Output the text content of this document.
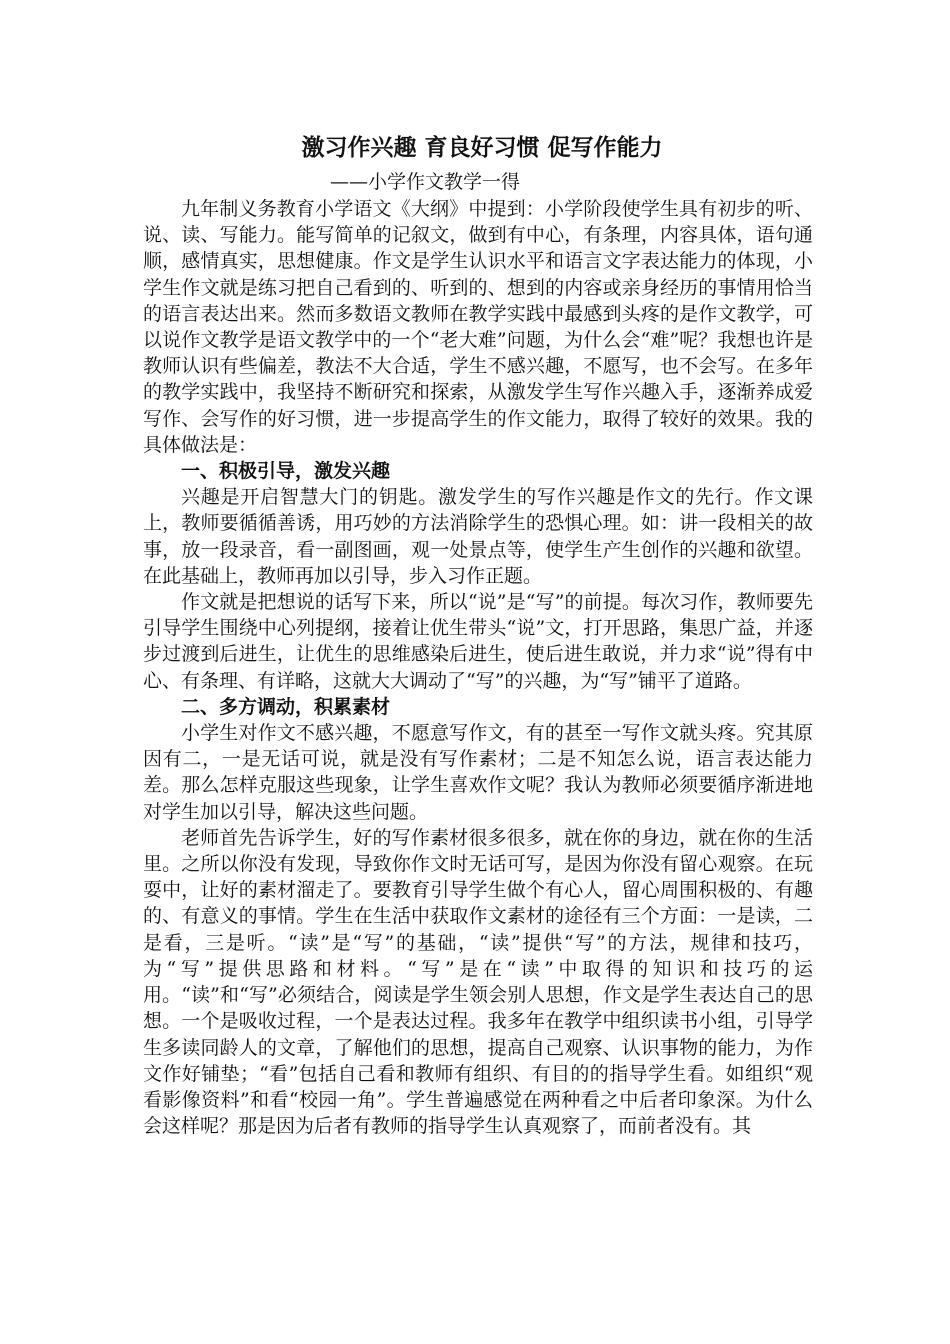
激习作兴趣 育良好习惯 促写作能力

——小学作文教学一得

九年制义务教育小学语文《大纲》中提到：小学阶段使学生具有初步的听、说、读、写能力。能写简单的记叙文，做到有中心，有条理，内容具体，语句通顺，感情真实，思想健康。作文是学生认识水平和语言文字表达能力的体现，小学生作文就是练习把自己看到的、听到的、想到的内容或亲身经历的事情用恰当的语言表达出来。然而多数语文教师在教学实践中最感到头疼的是作文教学，可以说作文教学是语文教学中的一个“老大难”问题，为什么会“难”呢？我想也许是教师认识有些偏差，教法不大合适，学生不感兴趣，不愿写，也不会写。在多年的教学实践中，我坚持不断研究和探索，从激发学生写作兴趣入手，逐渐养成爱写作、会写作的好习惯，进一步提高学生的作文能力，取得了较好的效果。我的具体做法是：

一、积极引导，激发兴趣

兴趣是开启智慧大门的钥匙。激发学生的写作兴趣是作文的先行。作文课上，教师要循循善诱，用巧妙的方法消除学生的恐惧心理。如：讲一段相关的故事，放一段录音，看一副图画，观一处景点等，使学生产生创作的兴趣和欲望。在此基础上，教师再加以引导，步入习作正题。

作文就是把想说的话写下来，所以“说”是“写”的前提。每次习作，教师要先引导学生围绕中心列提纲，接着让优生带头“说”文，打开思路，集思广益，并逐步过渡到后进生，让优生的思维感染后进生，使后进生敢说，并力求“说”得有中心、有条理、有详略，这就大大调动了“写”的兴趣，为“写”铺平了道路。

二、多方调动，积累素材

小学生对作文不感兴趣，不愿意写作文，有的甚至一写作文就头疼。究其原因有二，一是无话可说，就是没有写作素材；二是不知怎么说，语言表达能力差。那么怎样克服这些现象，让学生喜欢作文呢？我认为教师必须要循序渐进地对学生加以引导，解决这些问题。

老师首先告诉学生，好的写作素材很多很多，就在你的身边，就在你的生活里。之所以你没有发现，导致你作文时无话可写，是因为你没有留心观察。在玩耍中，让好的素材溜走了。要教育引导学生做个有心人，留心周围积极的、有趣的、有意义的事情。学生在生活中获取作文素材的途径有三个方面：一是读，二是看，三是听。“读”是“写”的基础，“读”提供“写”的方法，规律和技巧，为“写”提供思路和材料。“写”是在“读”中取得的知识和技巧的运用。“读”和“写”必须结合，阅读是学生领会别人思想，作文是学生表达自己的思想。一个是吸收过程，一个是表达过程。我多年在教学中组织读书小组，引导学生多读同龄人的文章，了解他们的思想，提高自己观察、认识事物的能力，为作文作好铺垫；“看”包括自己看和教师有组织、有目的的指导学生看。如组织“观看影像资料”和看“校园一角”。学生普遍感觉在两种看之中后者印象深。为什么会这样呢？那是因为后者有教师的指导学生认真观察了，而前者没有。其
